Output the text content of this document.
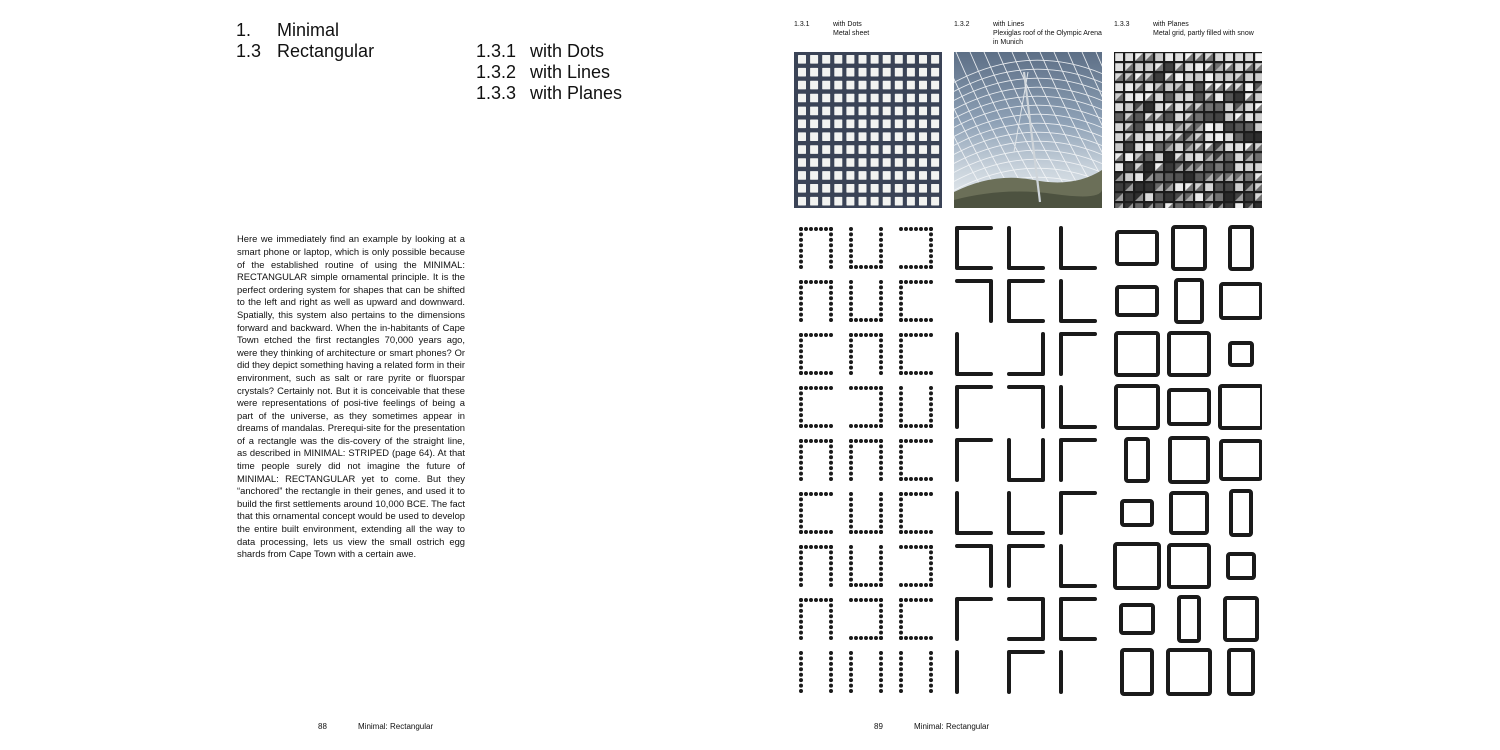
1. Minimal
1.3 Rectangular	1.3.1 with Dots
1.3.2 with Lines
1.3.3 with Planes

Here we immediately find an example by looking at a smart phone or laptop, which is only possible because of the established routine of using the MINIMAL: RECTANGULAR simple ornamental principle. It is the perfect ordering system for shapes that can be shifted to the left and right as well as upward and downward. Spatially, this system also pertains to the dimensions forward and backward. When the in-habitants of Cape Town etched the first rectangles 70,000 years ago, were they thinking of architecture or smart phones? Or did they depict something having a related form in their environment, such as salt or rare pyrite or fluorspar crystals? Certainly not. But it is conceivable that these were representations of posi-tive feelings of being a part of the universe, as they sometimes appear in dreams of mandalas. Prerequi-site for the presentation of a rectangle was the dis-covery of the straight line, as described in MINIMAL: STRIPED (page 64). At that time people surely did not imagine the future of MINIMAL: RECTANGULAR yet to come. But they “anchored” the rectangle in their genes, and used it to build the first settlements around 10,000 BCE. The fact that this ornamental concept would be used to develop the entire built environment, extending all the way to data processing, lets us view the small ostrich egg shards from Cape Town with a certain awe.

88	Minimal: Rectangular
1.3.1	with Dots
Metal sheet
1.3.2	with Lines
Plexiglas roof of the Olympic Arena in Munich
1.3.3	with Planes
Metal grid, partly filled with snow
89	Minimal: Rectangular
